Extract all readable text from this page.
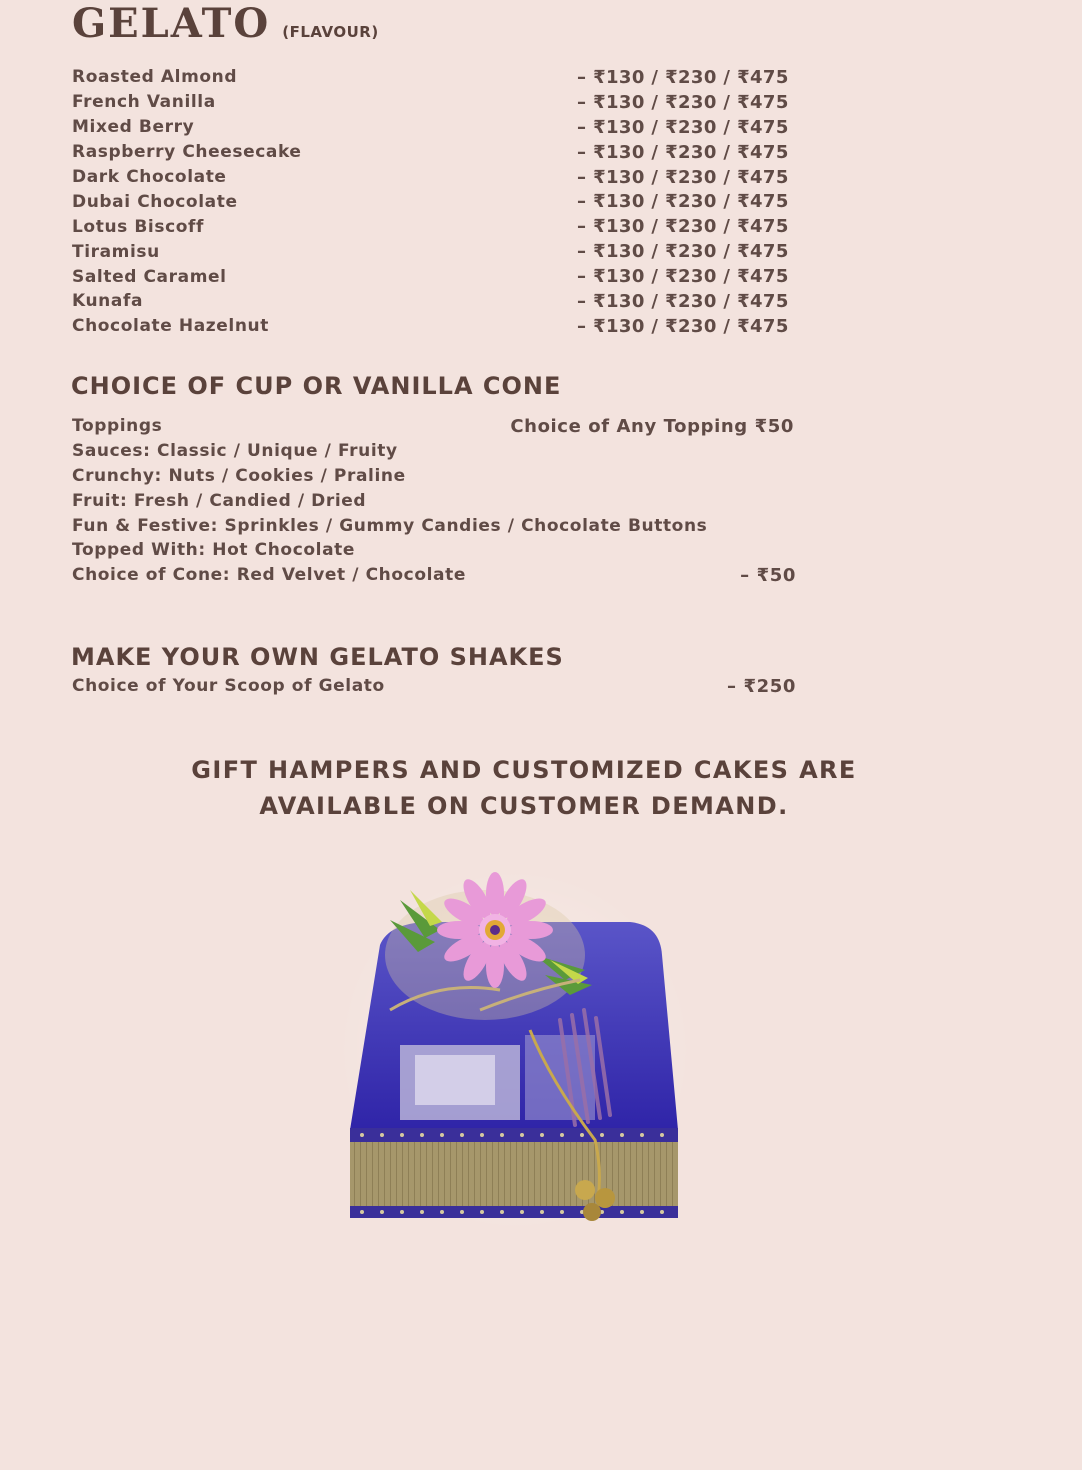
GELATO (FLAVOUR)
Roasted Almond	– ₹130 / ₹230 / ₹475
French Vanilla	– ₹130 / ₹230 / ₹475
Mixed Berry	– ₹130 / ₹230 / ₹475
Raspberry Cheesecake	– ₹130 / ₹230 / ₹475
Dark Chocolate	– ₹130 / ₹230 / ₹475
Dubai Chocolate	– ₹130 / ₹230 / ₹475
Lotus Biscoff	– ₹130 / ₹230 / ₹475
Tiramisu	– ₹130 / ₹230 / ₹475
Salted Caramel	– ₹130 / ₹230 / ₹475
Kunafa	– ₹130 / ₹230 / ₹475
Chocolate Hazelnut	– ₹130 / ₹230 / ₹475
CHOICE OF CUP OR VANILLA CONE
Toppings	Choice of Any Topping ₹50
Sauces: Classic / Unique / Fruity
Crunchy: Nuts / Cookies / Praline
Fruit: Fresh / Candied / Dried
Fun & Festive: Sprinkles / Gummy Candies / Chocolate Buttons
Topped With: Hot Chocolate
Choice of Cone: Red Velvet / Chocolate	– ₹50
MAKE YOUR OWN GELATO SHAKES
Choice of Your Scoop of Gelato	– ₹250
GIFT HAMPERS AND CUSTOMIZED CAKES ARE
AVAILABLE ON CUSTOMER DEMAND.
